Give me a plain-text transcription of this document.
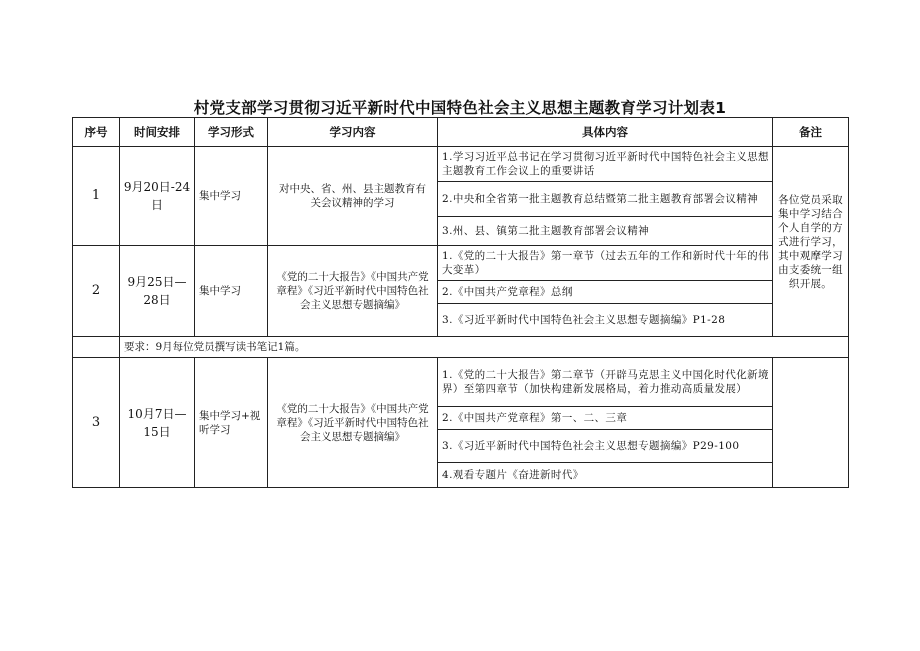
村党支部学习贯彻习近平新时代中国特色社会主义思想主题教育学习计划表1
序号	时间安排	学习形式	学习内容	具体内容	备注
1	9月20日-24日	集中学习	对中央、省、州、县主题教育有关会议精神的学习	1.学习习近平总书记在学习贯彻习近平新时代中国特色社会主义思想主题教育工作会议上的重要讲话	各位党员采取集中学习结合个人自学的方式进行学习，其中观摩学习由支委统一组织开展。
				2.中央和全省第一批主题教育总结暨第二批主题教育部署会议精神	
				3.州、县、镇第二批主题教育部署会议精神	
2	9月25日—28日	集中学习	《党的二十大报告》《中国共产党章程》《习近平新时代中国特色社会主义思想专题摘编》	1.《党的二十大报告》第一章节（过去五年的工作和新时代十年的伟大变革）	
				2.《中国共产党章程》总纲	
				3.《习近平新时代中国特色社会主义思想专题摘编》P1-28	
	要求：9月每位党员撰写读书笔记1篇。				
3	10月7日—15日	集中学习+视听学习	《党的二十大报告》《中国共产党章程》《习近平新时代中国特色社会主义思想专题摘编》	1.《党的二十大报告》第二章节（开辟马克思主义中国化时代化新境界）至第四章节（加快构建新发展格局，着力推动高质量发展）	
				2.《中国共产党章程》第一、二、三章	
				3.《习近平新时代中国特色社会主义思想专题摘编》P29-100	
				4.观看专题片《奋进新时代》	
